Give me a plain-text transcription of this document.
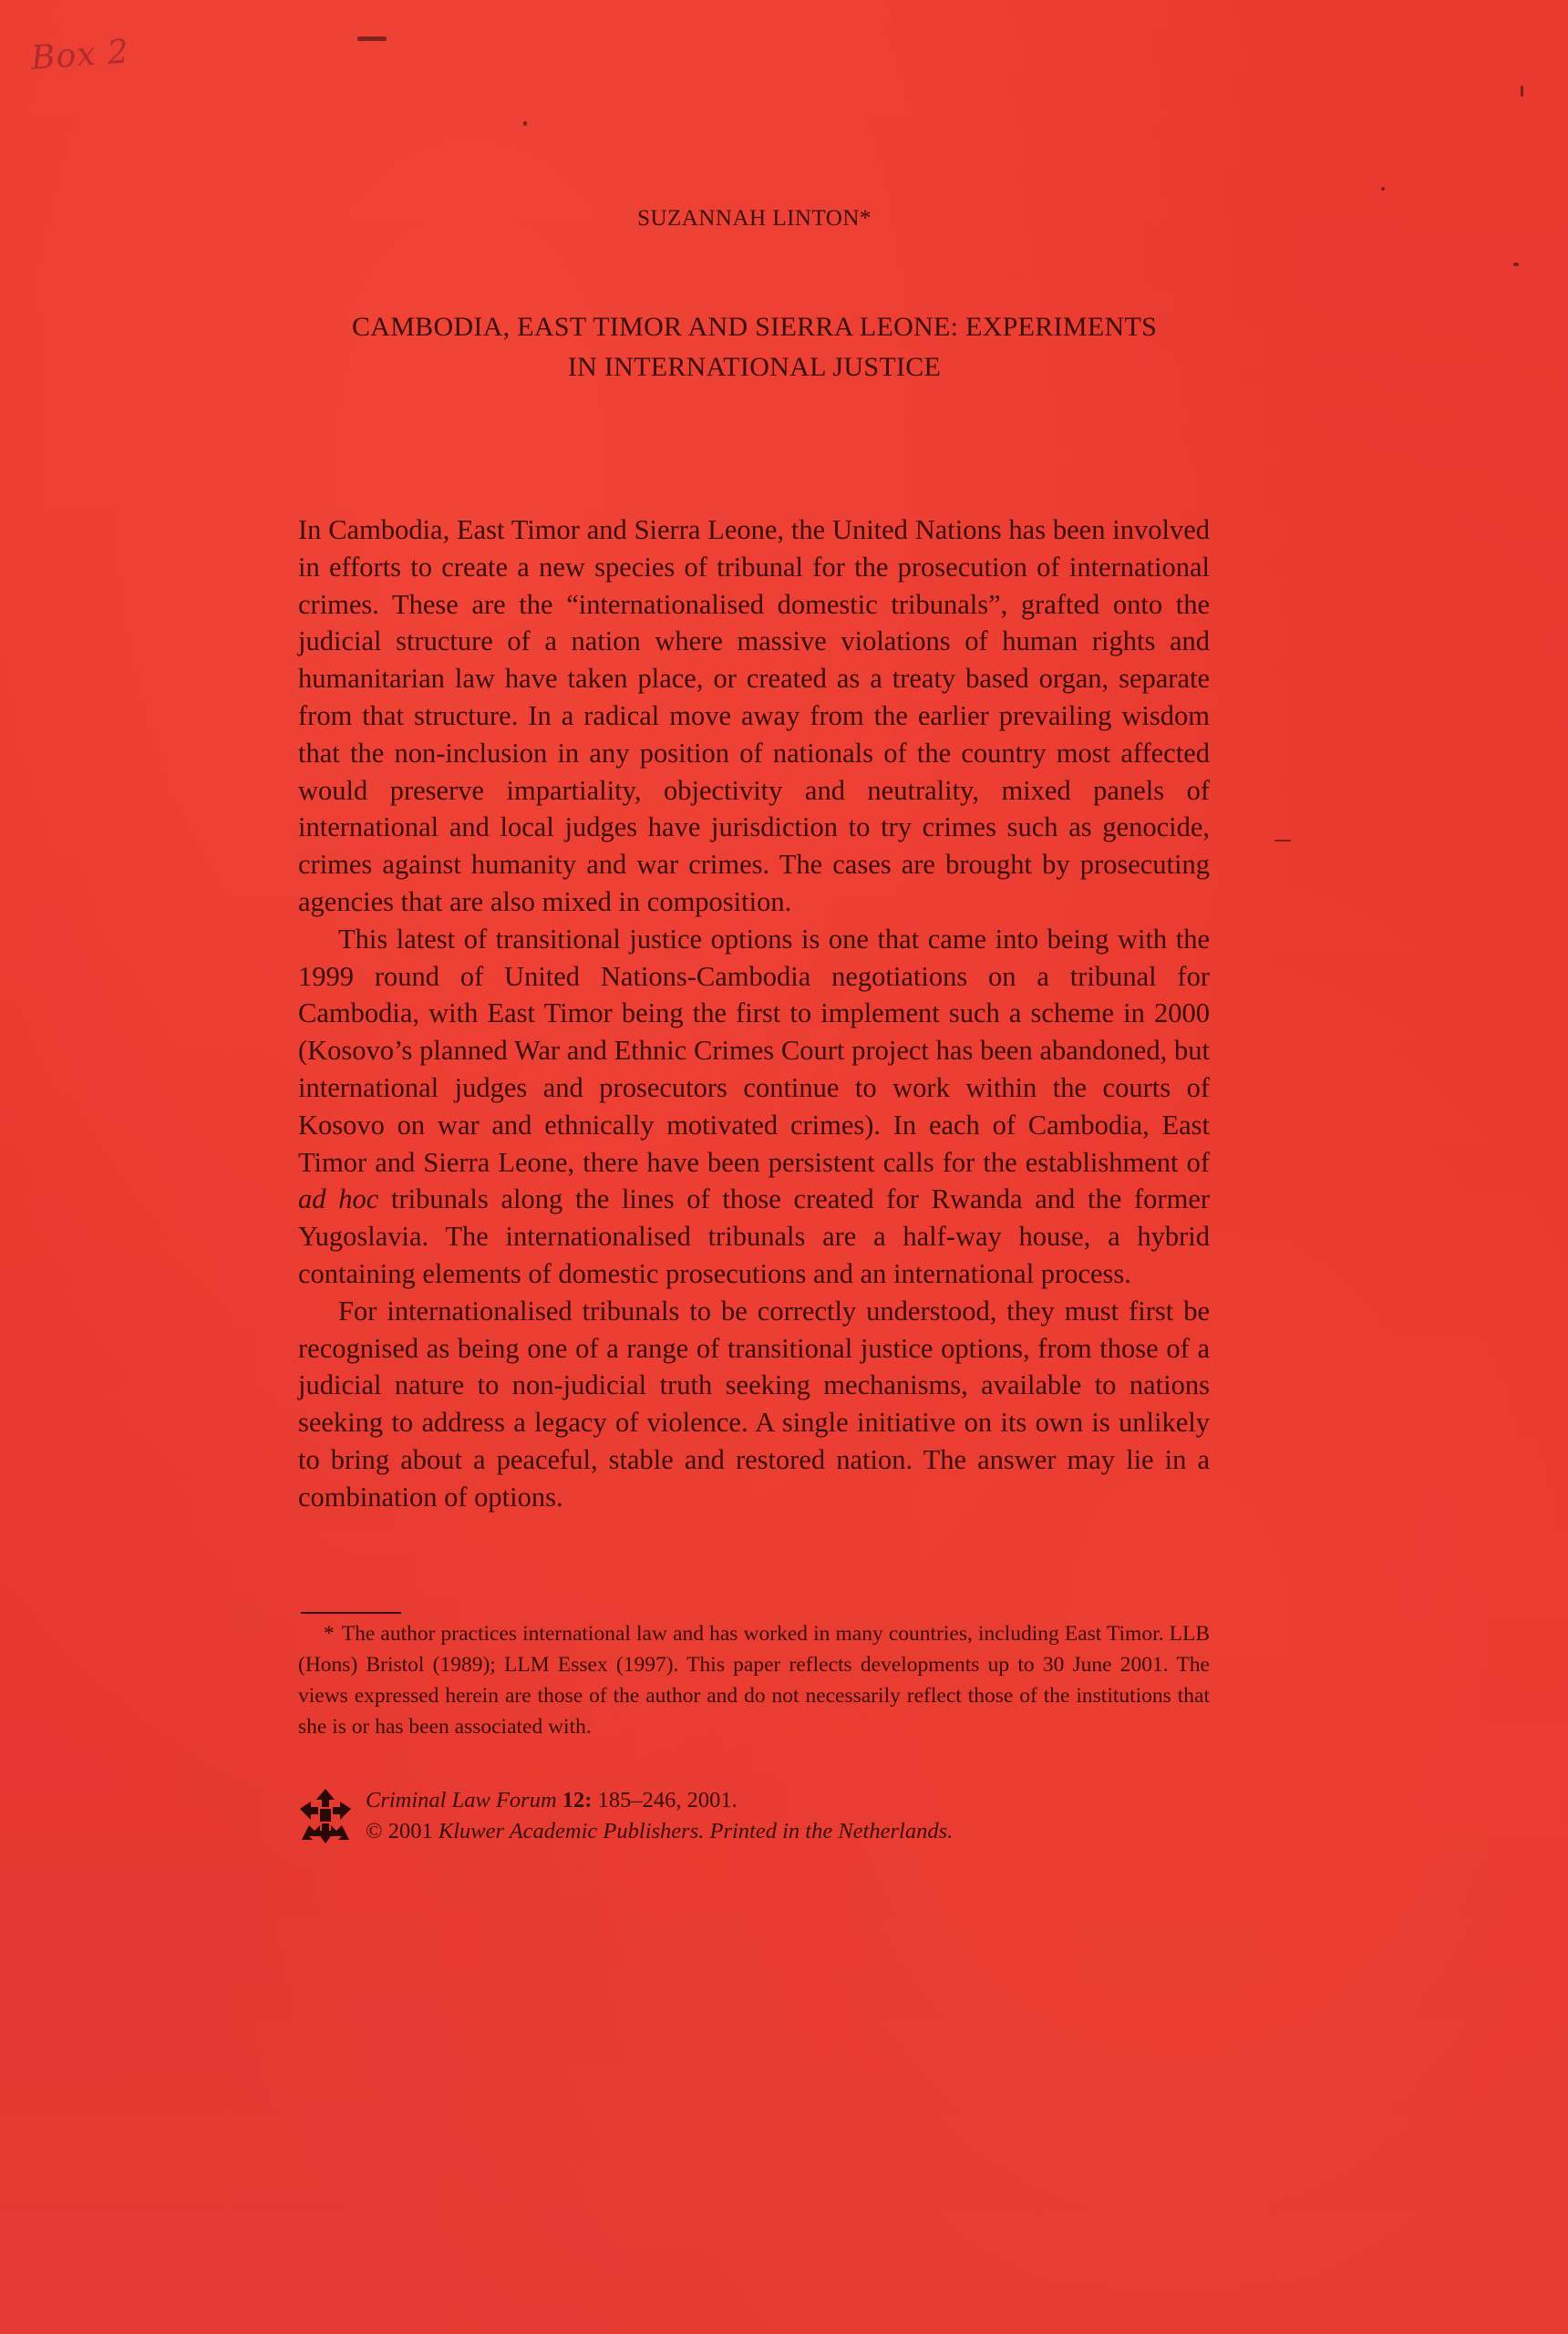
Box 2
SUZANNAH LINTON*
CAMBODIA, EAST TIMOR AND SIERRA LEONE: EXPERIMENTS
IN INTERNATIONAL JUSTICE

In Cambodia, East Timor and Sierra Leone, the United Nations has been involved in efforts to create a new species of tribunal for the prosecution of international crimes. These are the “internationalised domestic tribunals”, grafted onto the judicial structure of a nation where massive violations of human rights and humanitarian law have taken place, or created as a treaty based organ, separate from that structure. In a radical move away from the earlier prevailing wisdom that the non-inclusion in any position of nationals of the country most affected would preserve impartiality, objectivity and neutrality, mixed panels of international and local judges have jurisdiction to try crimes such as genocide, crimes against humanity and war crimes. The cases are brought by prosecuting agencies that are also mixed in composition.

This latest of transitional justice options is one that came into being with the 1999 round of United Nations-Cambodia negotiations on a tribunal for Cambodia, with East Timor being the first to implement such a scheme in 2000 (Kosovo’s planned War and Ethnic Crimes Court project has been abandoned, but international judges and prosecutors continue to work within the courts of Kosovo on war and ethnically motivated crimes). In each of Cambodia, East Timor and Sierra Leone, there have been persistent calls for the establishment of ad hoc tribunals along the lines of those created for Rwanda and the former Yugoslavia. The internationalised tribunals are a half-way house, a hybrid containing elements of domestic prosecutions and an international process.

For internationalised tribunals to be correctly understood, they must first be recognised as being one of a range of transitional justice options, from those of a judicial nature to non-judicial truth seeking mechanisms, available to nations seeking to address a legacy of violence. A single initiative on its own is unlikely to bring about a peaceful, stable and restored nation. The answer may lie in a combination of options.

* The author practices international law and has worked in many countries, including East Timor. LLB (Hons) Bristol (1989); LLM Essex (1997). This paper reflects developments up to 30 June 2001. The views expressed herein are those of the author and do not necessarily reflect those of the institutions that she is or has been associated with.
Criminal Law Forum 12: 185–246, 2001.
© 2001 Kluwer Academic Publishers. Printed in the Netherlands.
